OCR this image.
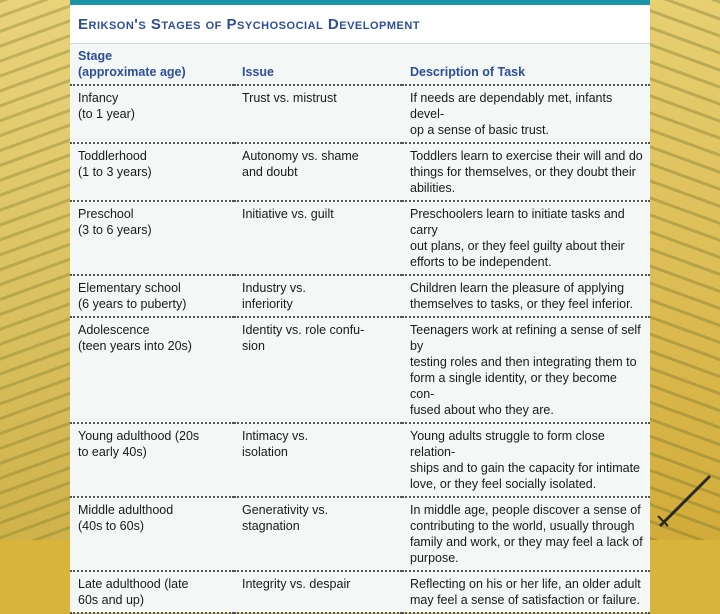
Erikson's Stages of Psychosocial Development
Stage
(approximate age)	Issue	Description of Task

Infancy
(to 1 year)	Trust vs. mistrust	If needs are dependably met, infants devel-
op a sense of basic trust.

Toddlerhood
(1 to 3 years)	Autonomy vs. shame
and doubt	Toddlers learn to exercise their will and do
things for themselves, or they doubt their
abilities.

Preschool
(3 to 6 years)	Initiative vs. guilt	Preschoolers learn to initiate tasks and carry
out plans, or they feel guilty about their
efforts to be independent.

Elementary school
(6 years to puberty)	Industry vs.
inferiority	Children learn the pleasure of applying
themselves to tasks, or they feel inferior.

Adolescence
(teen years into 20s)	Identity vs. role confu-
sion	Teenagers work at refining a sense of self by
testing roles and then integrating them to
form a single identity, or they become con-
fused about who they are.

Young adulthood (20s
to early 40s)	Intimacy vs.
isolation	Young adults struggle to form close relation-
ships and to gain the capacity for intimate
love, or they feel socially isolated.

Middle adulthood
(40s to 60s)	Generativity vs.
stagnation	In middle age, people discover a sense of
contributing to the world, usually through
family and work, or they may feel a lack of
purpose.

Late adulthood (late
60s and up)	Integrity vs. despair	Reflecting on his or her life, an older adult
may feel a sense of satisfaction or failure.
